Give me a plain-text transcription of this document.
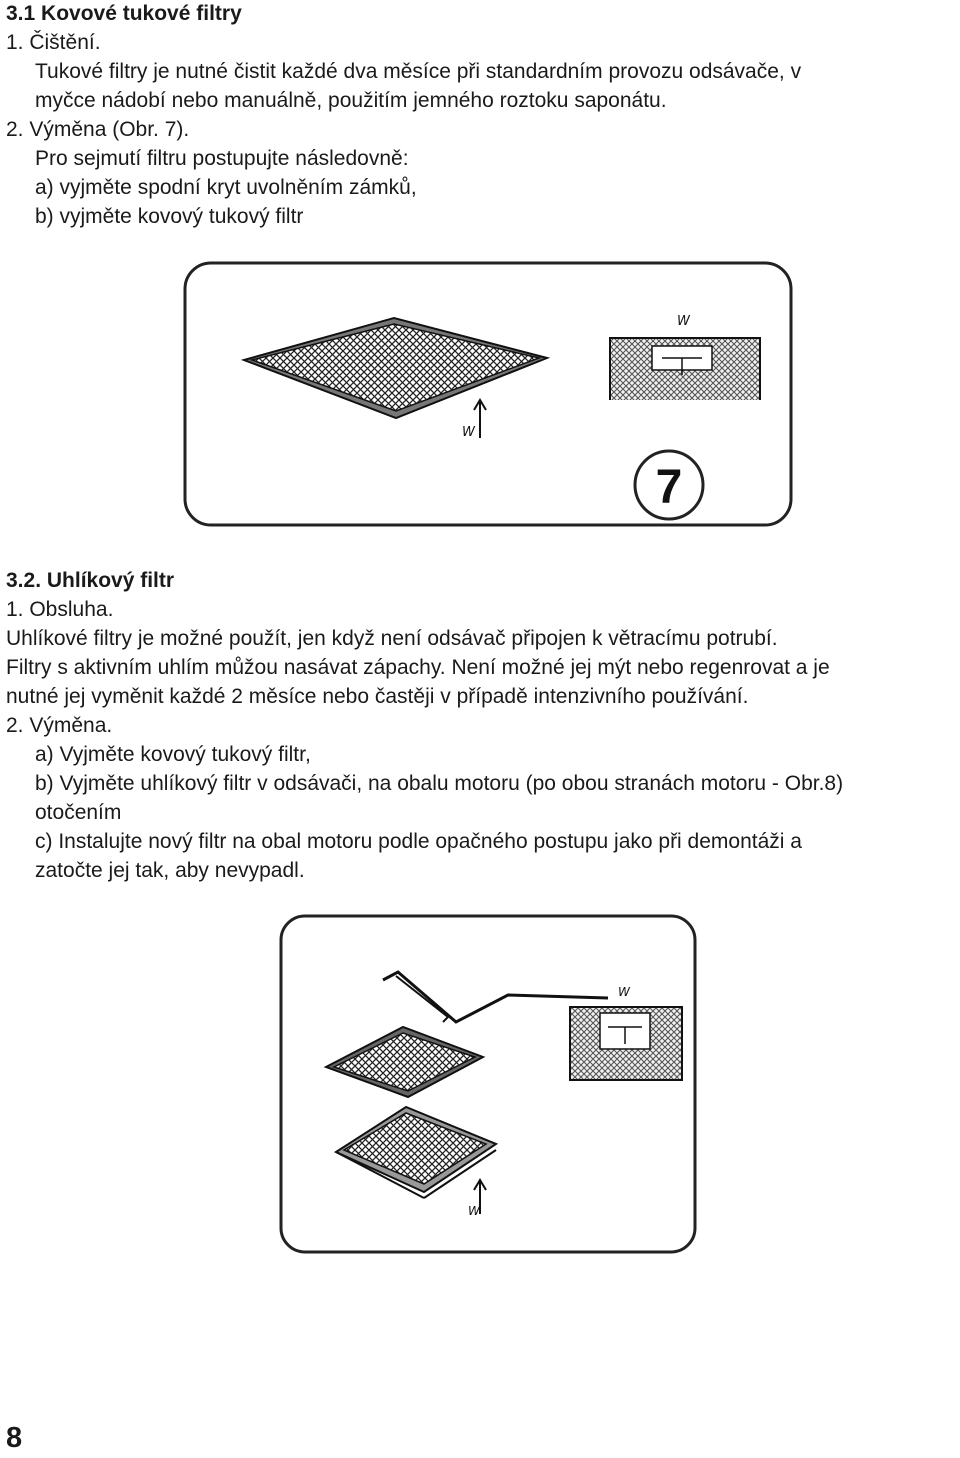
3.1 Kovové tukové filtry

1. Čištění.

Tukové filtry je nutné čistit každé dva měsíce při standardním provozu odsávače, v

myčce nádobí nebo manuálně, použitím jemného roztoku saponátu.

2. Výměna (Obr. 7).

Pro sejmutí filtru postupujte následovně:

a) vyjměte spodní kryt uvolněním zámků,

b) vyjměte kovový tukový filtr

W
W
7

3.2. Uhlíkový filtr

1. Obsluha.

Uhlíkové filtry je možné použít, jen když není odsávač připojen k větracímu potrubí.

Filtry s aktivním uhlím můžou nasávat zápachy. Není možné jej mýt nebo regenrovat a je

nutné jej vyměnit každé 2 měsíce nebo častěji v případě intenzivního používání.

2. Výměna.

a) Vyjměte kovový tukový filtr,

b) Vyjměte uhlíkový filtr v odsávači, na obalu motoru (po obou stranách motoru - Obr.8)

otočením

c) Instalujte nový filtr na obal motoru podle opačného postupu jako při demontáži a

zatočte jej tak, aby nevypadl.

W
W
8
